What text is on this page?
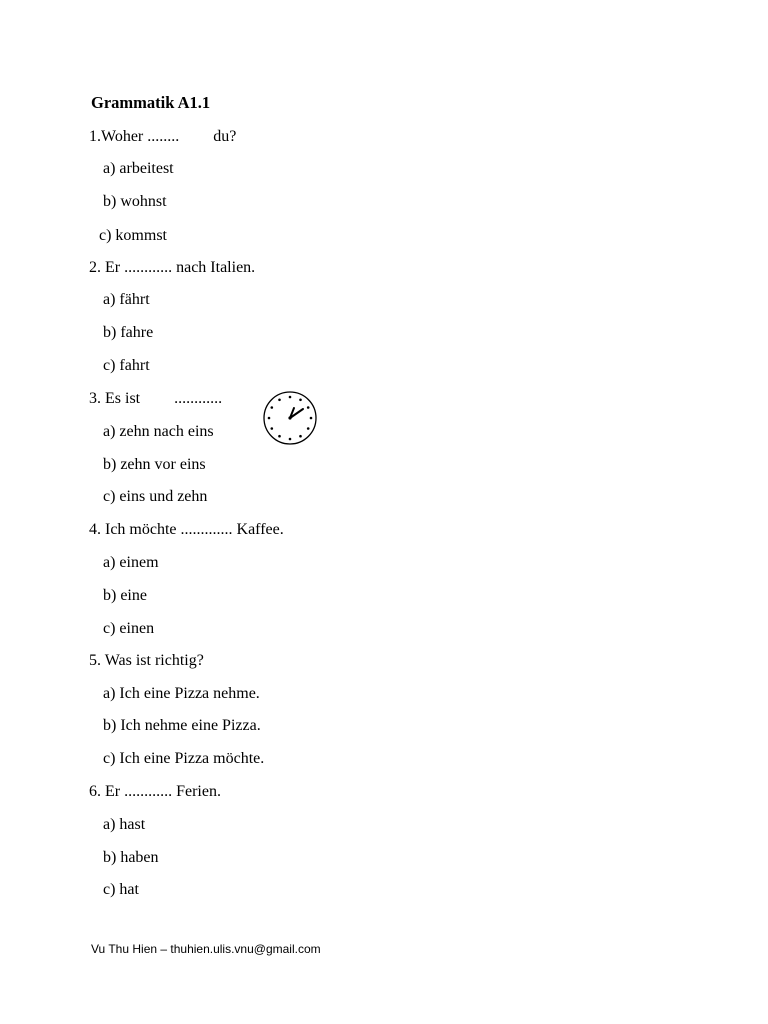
Grammatik A1.1
1.Woher ........ du?
a) arbeitest
b) wohnst
c) kommst
2. Er ............ nach Italien.
a) fährt
b) fahre
c) fahrt
3. Es ist ............
a) zehn nach eins
b) zehn vor eins
c) eins und zehn
4. Ich möchte ............. Kaffee.
a) einem
b) eine
c) einen
5. Was ist richtig?
a) Ich eine Pizza nehme.
b) Ich nehme eine Pizza.
c) Ich eine Pizza möchte.
6. Er ............ Ferien.
a) hast
b) haben
c) hat
Vu Thu Hien – thuhien.ulis.vnu@gmail.com
